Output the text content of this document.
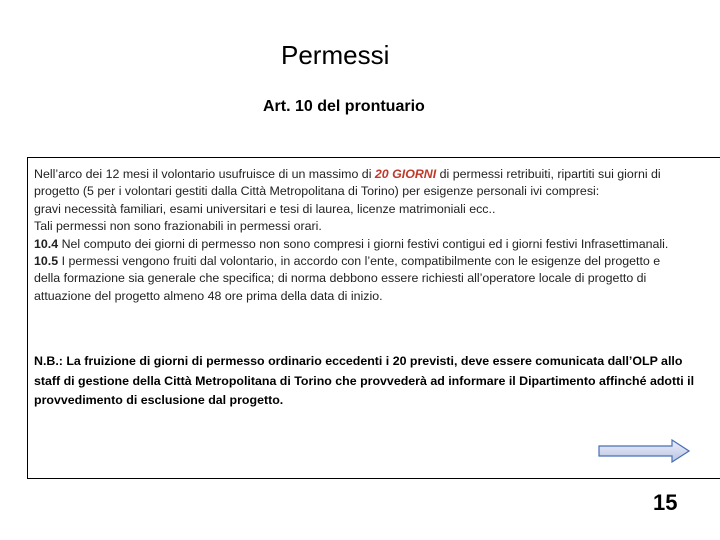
Permessi
Art. 10 del prontuario
Nell’arco dei 12 mesi il volontario usufruisce di un massimo di 20 GIORNI di permessi retribuiti, ripartiti sui giorni di
progetto (5 per i volontari gestiti dalla Città Metropolitana di Torino) per esigenze personali ivi compresi:
gravi necessità familiari, esami universitari e tesi di laurea, licenze matrimoniali ecc..
Tali permessi non sono frazionabili in permessi orari.
10.4 Nel computo dei giorni di permesso non sono compresi i giorni festivi contigui ed i giorni festivi Infrasettimanali.
10.5 I permessi vengono fruiti dal volontario, in accordo con l’ente, compatibilmente con le esigenze del progetto e
della formazione sia generale che specifica; di norma debbono essere richiesti all’operatore locale di progetto di
attuazione del progetto almeno 48 ore prima della data di inizio.
N.B.: La fruizione di giorni di permesso ordinario eccedenti i 20 previsti, deve essere comunicata dall’OLP allo
staff di gestione della Città Metropolitana di Torino che provvederà ad informare il Dipartimento affinché adotti il
provvedimento di esclusione dal progetto.
15
